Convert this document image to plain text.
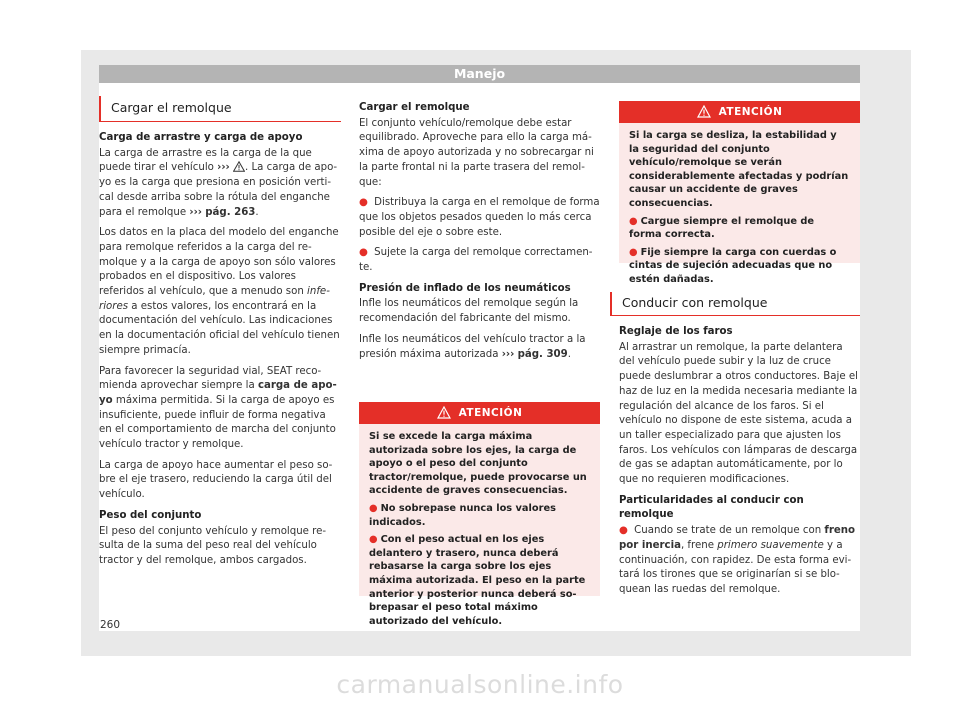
Manejo
Cargar el remolque

Carga de arrastre y carga de apoyo

La carga de arrastre es la carga de la que puede tirar el vehículo ››› . La carga de apoyo es la carga que presiona en posición vertical desde arriba sobre la rótula del enganche para el remolque ››› pág. 263.

Los datos en la placa del modelo del enganche para remolque referidos a la carga del remolque y a la carga de apoyo son sólo valores probados en el dispositivo. Los valores referidos al vehículo, que a menudo son inferiores a estos valores, los encontrará en la documentación del vehículo. Las indicaciones en la documentación oficial del vehículo tienen siempre primacía.

Para favorecer la seguridad vial, SEAT recomienda aprovechar siempre la carga de apoyo máxima permitida. Si la carga de apoyo es insuficiente, puede influir de forma negativa en el comportamiento de marcha del conjunto vehículo tractor y remolque.

La carga de apoyo hace aumentar el peso sobre el eje trasero, reduciendo la carga útil del vehículo.

Peso del conjunto

El peso del conjunto vehículo y remolque resulta de la suma del peso real del vehículo tractor y del remolque, ambos cargados.

Cargar el remolque

El conjunto vehículo/remolque debe estar equilibrado. Aproveche para ello la carga máxima de apoyo autorizada y no sobrecargar ni la parte frontal ni la parte trasera del remolque:

● Distribuya la carga en el remolque de forma que los objetos pesados queden lo más cerca posible del eje o sobre este.

● Sujete la carga del remolque correctamente.

Presión de inflado de los neumáticos

Infle los neumáticos del remolque según la recomendación del fabricante del mismo.

Infle los neumáticos del vehículo tractor a la presión máxima autorizada ››› pág. 309.

ATENCIÓN

Si se excede la carga máxima autorizada sobre los ejes, la carga de apoyo o el peso del conjunto tractor/remolque, puede provocarse un accidente de graves consecuencias.

● No sobrepase nunca los valores indicados.

● Con el peso actual en los ejes delantero y trasero, nunca deberá rebasarse la carga sobre los ejes máxima autorizada. El peso en la parte anterior y posterior nunca deberá sobrepasar el peso total máximo autorizado del vehículo.

ATENCIÓN

Si la carga se desliza, la estabilidad y la seguridad del conjunto vehículo/remolque se verán considerablemente afectadas y podrían causar un accidente de graves consecuencias.

● Cargue siempre el remolque de forma correcta.

● Fije siempre la carga con cuerdas o cintas de sujeción adecuadas que no estén dañadas.

Conducir con remolque

Reglaje de los faros

Al arrastrar un remolque, la parte delantera del vehículo puede subir y la luz de cruce puede deslumbrar a otros conductores. Baje el haz de luz en la medida necesaria mediante la regulación del alcance de los faros. Si el vehículo no dispone de este sistema, acuda a un taller especializado para que ajusten los faros. Los vehículos con lámparas de descarga de gas se adaptan automáticamente, por lo que no requieren modificaciones.

Particularidades al conducir con remolque

● Cuando se trate de un remolque con freno por inercia, frene primero suavemente y a continuación, con rapidez. De esta forma evitará los tirones que se originarían si se bloquean las ruedas del remolque.

260
carmanualsonline.info
